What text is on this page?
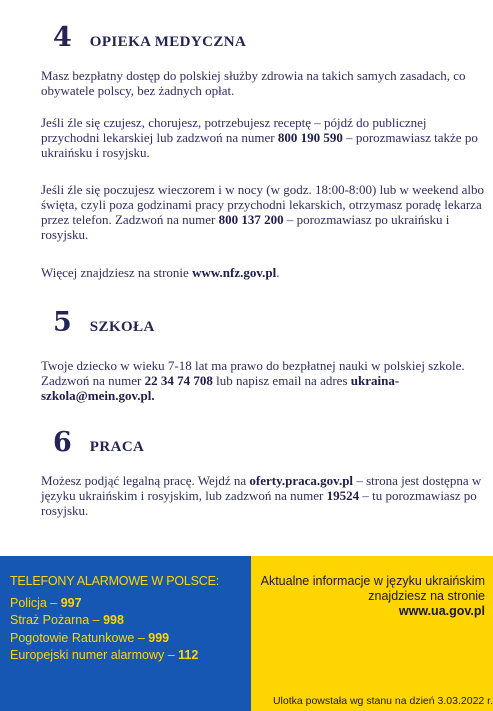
4 OPIEKA MEDYCZNA

Masz bezpłatny dostęp do polskiej służby zdrowia na takich samych zasadach, co obywatele polscy, bez żadnych opłat.

Jeśli źle się czujesz, chorujesz, potrzebujesz receptę – pójdź do publicznej przychodni lekarskiej lub zadzwoń na numer 800 190 590 – porozmawiasz także po ukraińsku i rosyjsku.

Jeśli źle się poczujesz wieczorem i w nocy (w godz. 18:00-8:00) lub w weekend albo święta, czyli poza godzinami pracy przychodni lekarskich, otrzymasz poradę lekarza przez telefon. Zadzwoń na numer 800 137 200 – porozmawiasz po ukraińsku i rosyjsku.

Więcej znajdziesz na stronie www.nfz.gov.pl.

5 SZKOŁA

Twoje dziecko w wieku 7-18 lat ma prawo do bezpłatnej nauki w polskiej szkole. Zadzwoń na numer 22 34 74 708 lub napisz email na adres ukraina-szkola@mein.gov.pl.

6 PRACA

Możesz podjąć legalną pracę. Wejdź na oferty.praca.gov.pl – strona jest dostępna w języku ukraińskim i rosyjskim, lub zadzwoń na numer 19524 – tu porozmawiasz po rosyjsku.

TELEFONY ALARMOWE W POLSCE:
Policja – 997
Straż Pożarna – 998
Pogotowie Ratunkowe – 999
Europejski numer alarmowy – 112
Aktualne informacje w języku ukraińskim znajdziesz na stronie
www.ua.gov.pl
Ulotka powstała wg stanu na dzień 3.03.2022 r.
